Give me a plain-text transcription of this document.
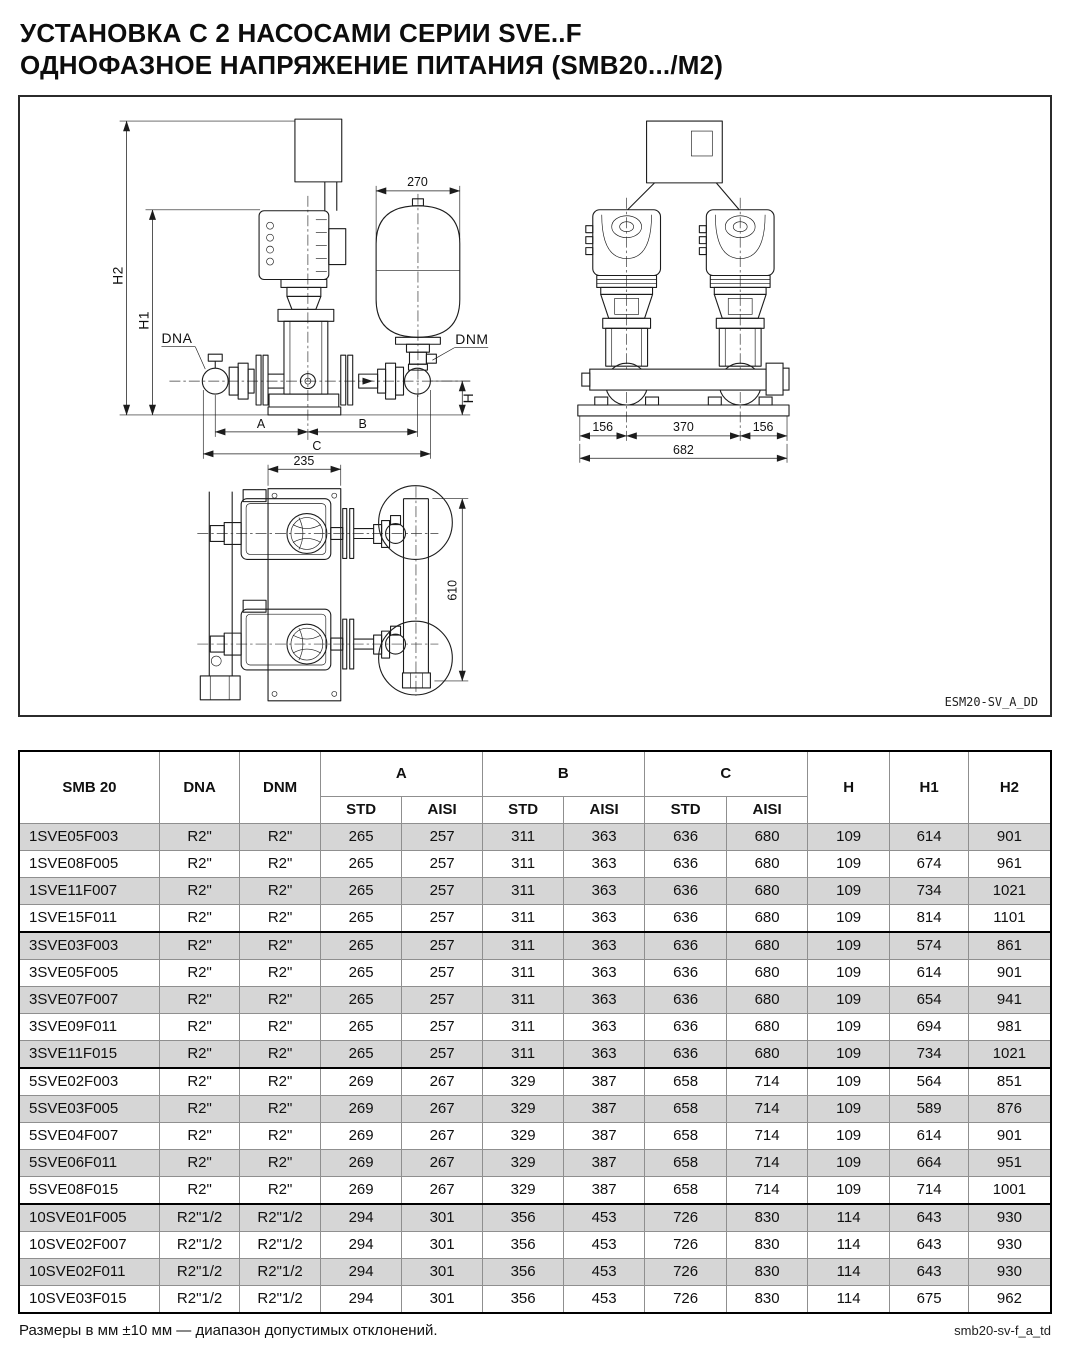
УСТАНОВКА С 2 НАСОСАМИ СЕРИИ SVE..F
ОДНОФАЗНОЕ НАПРЯЖЕНИЕ ПИТАНИЯ (SMB20.../M2)
H2
H1
270
DNA	DNM
H
A	B
C
156	370	156
682
235
610
ESM20-SV_A_DD
SMB 20	DNA	DNM	A		B		C		H	H1	H2
			STD	AISI	STD	AISI	STD	AISI			
1SVE05F003	R2"	R2"	265	257	311	363	636	680	109	614	901
1SVE08F005	R2"	R2"	265	257	311	363	636	680	109	674	961
1SVE11F007	R2"	R2"	265	257	311	363	636	680	109	734	1021
1SVE15F011	R2"	R2"	265	257	311	363	636	680	109	814	1101
3SVE03F003	R2"	R2"	265	257	311	363	636	680	109	574	861
3SVE05F005	R2"	R2"	265	257	311	363	636	680	109	614	901
3SVE07F007	R2"	R2"	265	257	311	363	636	680	109	654	941
3SVE09F011	R2"	R2"	265	257	311	363	636	680	109	694	981
3SVE11F015	R2"	R2"	265	257	311	363	636	680	109	734	1021
5SVE02F003	R2"	R2"	269	267	329	387	658	714	109	564	851
5SVE03F005	R2"	R2"	269	267	329	387	658	714	109	589	876
5SVE04F007	R2"	R2"	269	267	329	387	658	714	109	614	901
5SVE06F011	R2"	R2"	269	267	329	387	658	714	109	664	951
5SVE08F015	R2"	R2"	269	267	329	387	658	714	109	714	1001
10SVE01F005	R2"1/2	R2"1/2	294	301	356	453	726	830	114	643	930
10SVE02F007	R2"1/2	R2"1/2	294	301	356	453	726	830	114	643	930
10SVE02F011	R2"1/2	R2"1/2	294	301	356	453	726	830	114	643	930
10SVE03F015	R2"1/2	R2"1/2	294	301	356	453	726	830	114	675	962
Размеры в мм ±10 мм — диапазон допустимых отклонений.	smb20-sv-f_a_td
